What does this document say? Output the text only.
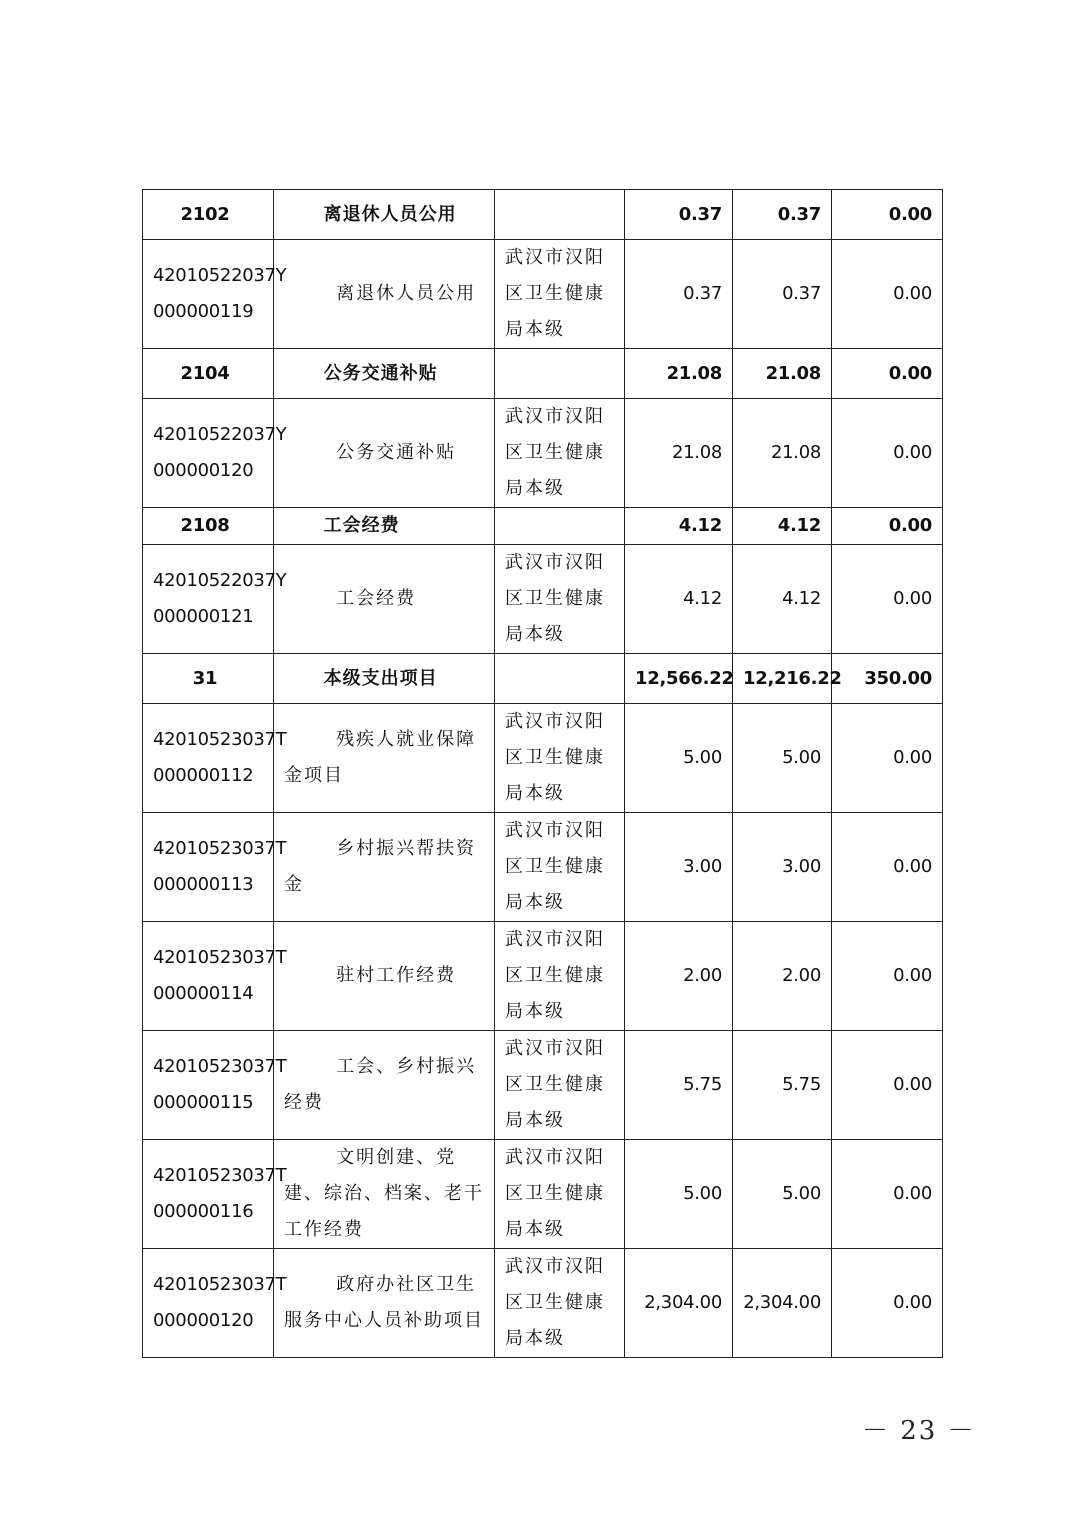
2102	离退休人员公用		0.37	0.37	0.00

42010522037Y
000000119	离退休人员公用	武汉市汉阳区卫生健康局本级	0.37	0.37	0.00
2104	公务交通补贴		21.08	21.08	0.00

42010522037Y
000000120	公务交通补贴	武汉市汉阳区卫生健康局本级	21.08	21.08	0.00
2108	工会经费		4.12	4.12	0.00

42010522037Y
000000121	工会经费	武汉市汉阳区卫生健康局本级	4.12	4.12	0.00
31	本级支出项目		12,566.22	12,216.22	350.00

42010523037T
000000112	残疾人就业保障金项目	武汉市汉阳区卫生健康局本级	5.00	5.00	0.00

42010523037T
000000113	乡村振兴帮扶资金	武汉市汉阳区卫生健康局本级	3.00	3.00	0.00

42010523037T
000000114	驻村工作经费	武汉市汉阳区卫生健康局本级	2.00	2.00	0.00

42010523037T
000000115	工会、乡村振兴经费	武汉市汉阳区卫生健康局本级	5.75	5.75	0.00

42010523037T
000000116	文明创建、党建、综治、档案、老干工作经费	武汉市汉阳区卫生健康局本级	5.00	5.00	0.00

42010523037T
000000120	政府办社区卫生服务中心人员补助项目	武汉市汉阳区卫生健康局本级	2,304.00	2,304.00	0.00
－ 23 －
